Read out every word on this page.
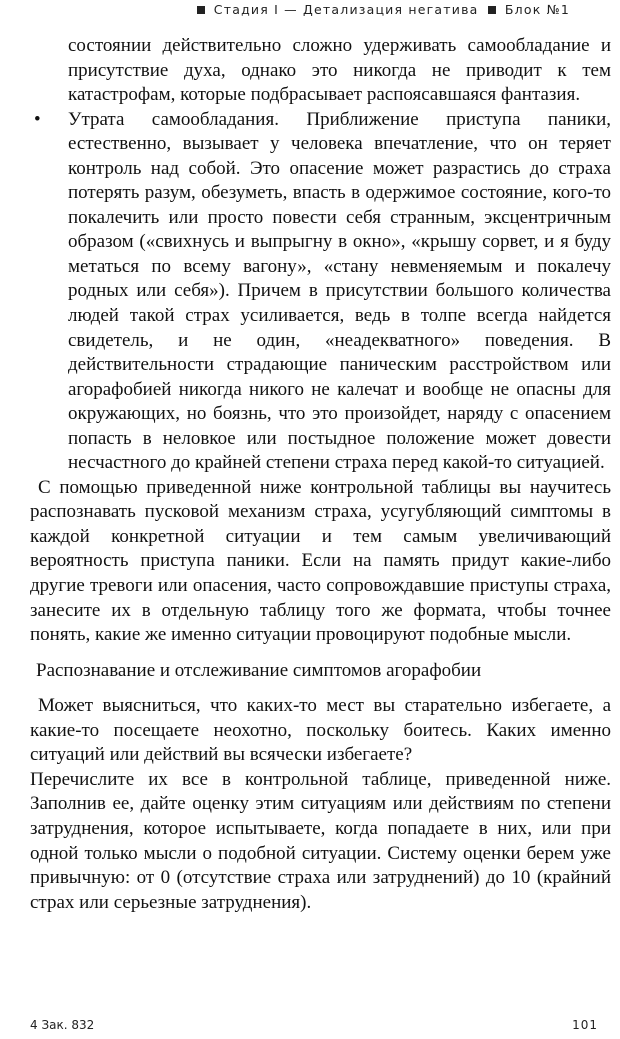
Стадия I — Детализация негатива Блок №1

состоянии действительно сложно удерживать самообладание и присутствие духа, однако это никогда не приводит к тем катастрофам, которые подбрасывает распоясавшаяся фантазия.

• Утрата самообладания. Приближение приступа паники, естественно, вызывает у человека впечатление, что он теряет контроль над собой. Это опасение может разрастись до страха потерять разум, обезуметь, впасть в одержимое состояние, кого-то покалечить или просто повести себя странным, эксцентричным образом («свихнусь и выпрыгну в окно», «крышу сорвет, и я буду метаться по всему вагону», «стану невменяемым и покалечу родных или себя»). Причем в присутствии большого количества людей такой страх усиливается, ведь в толпе всегда найдется свидетель, и не один, «неадекватного» поведения. В действительности страдающие паническим расстройством или агорафобией никогда никого не калечат и вообще не опасны для окружающих, но боязнь, что это произойдет, наряду с опасением попасть в неловкое или постыдное положение может довести несчастного до крайней степени страха перед какой-то ситуацией.

С помощью приведенной ниже контрольной таблицы вы научитесь распознавать пусковой механизм страха, усугубляющий симптомы в каждой конкретной ситуации и тем самым увеличивающий вероятность приступа паники. Если на память придут какие-либо другие тревоги или опасения, часто сопровождавшие приступы страха, занесите их в отдельную таблицу того же формата, чтобы точнее понять, какие же именно ситуации провоцируют подобные мысли.

Распознавание и отслеживание симптомов агорафобии

Может выясниться, что каких-то мест вы старательно избегаете, а какие-то посещаете неохотно, поскольку боитесь. Каких именно ситуаций или действий вы всячески избегаете?

Перечислите их все в контрольной таблице, приведенной ниже. Заполнив ее, дайте оценку этим ситуациям или действиям по степени затруднения, которое испытываете, когда попадаете в них, или при одной только мысли о подобной ситуации. Систему оценки берем уже привычную: от 0 (отсутствие страха или затруднений) до 10 (крайний страх или серьезные затруднения).

4 Зак. 832	101
